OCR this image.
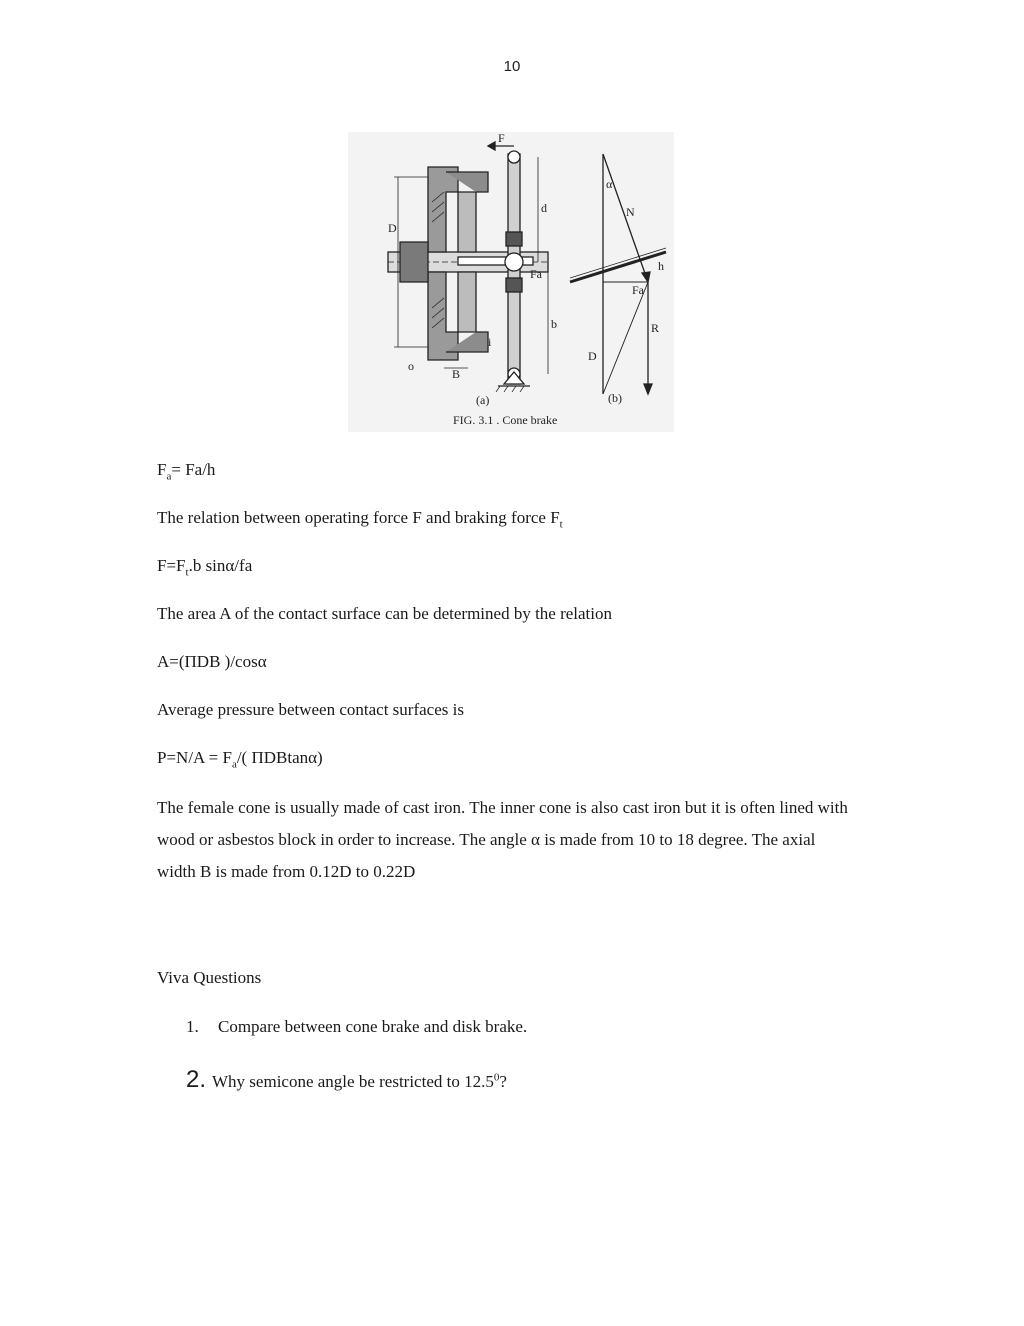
10
F
d
b
Fa
N
α
Fa
R
D
D
B
o
h
i
(a)	(b)
FIG. 3.1 . Cone brake
$F_a= Fa/h$
The relation between operating force F and braking force $F_t$
$F=F_t.b$ sinα/fa
The area A of the contact surface can be determined by the relation
A=(ΠDB )/cosα
Average pressure between contact surfaces is
$P=N/A = F_a/$( ΠDBtanα)
The female cone is usually made of cast iron. The inner cone is also cast iron but it is often lined with wood or asbestos block in order to increase. The angle α is made from 10 to 18 degree. The axial width B is made from 0.12D to 0.22D
Viva Questions
1. Compare between cone brake and disk brake.
2. Why semicone angle be restricted to 12.5$^0$?
